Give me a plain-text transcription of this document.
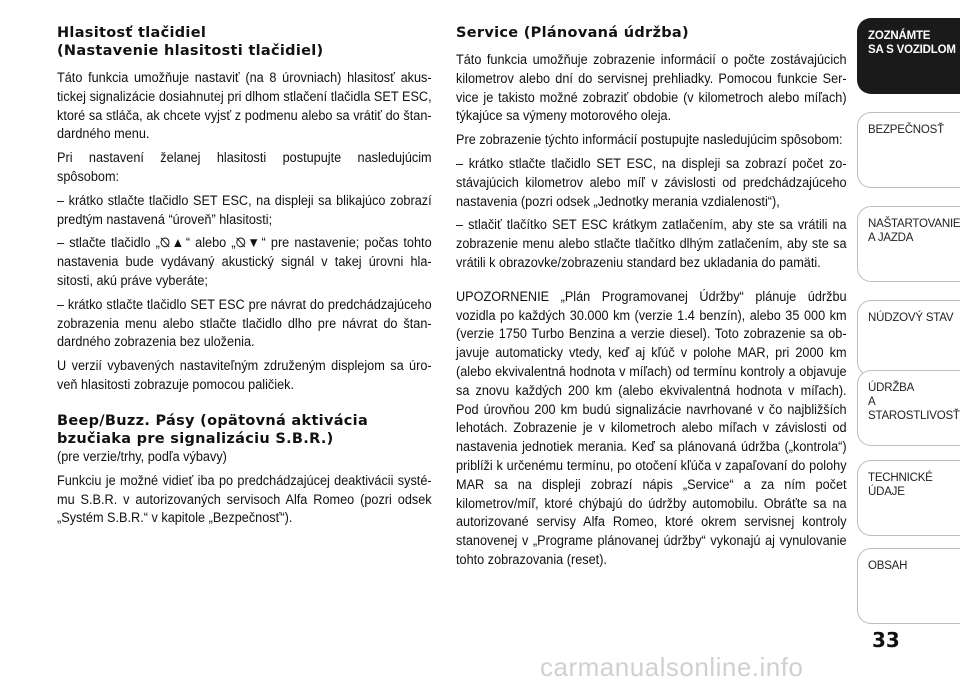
Hlasitosť tlačidiel
(Nastavenie hlasitosti tlačidiel)

Táto funkcia umožňuje nastaviť (na 8 úrovniach) hlasitosť akustickej signalizácie dosiahnutej pri dlhom stlačení tlačidla SET ESC, ktoré sa stláča, ak chcete vyjsť z podmenu alebo sa vrátiť do štandardného menu.

Pri nastavení želanej hlasitosti postupujte nasledujúcim spôsobom:

– krátko stlačte tlačidlo SET ESC, na displeji sa blikajúco zobrazí predtým nastavená “úroveň” hlasitosti;

– stlačte tlačidlo „⦰▲“ alebo „⦰▼“ pre nastavenie; počas tohto nastavenia bude vydávaný akustický signál v takej úrovni hlasitosti, akú práve vyberáte;

– krátko stlačte tlačidlo SET ESC pre návrat do predchádzajúceho zobrazenia menu alebo stlačte tlačidlo dlho pre návrat do štandardného zobrazenia bez uloženia.

U verzií vybavených nastaviteľným združeným displejom sa úroveň hlasitosti zobrazuje pomocou paličiek.

Beep/Buzz. Pásy (opätovná aktivácia
bzučiaka pre signalizáciu S.B.R.)

(pre verzie/trhy, podľa výbavy)

Funkciu je možné vidieť iba po predchádzajúcej deaktivácii systému S.B.R. v autorizovaných servisoch Alfa Romeo (pozri odsek „Systém S.B.R.“ v kapitole „Bezpečnosť“).

Service (Plánovaná údržba)

Táto funkcia umožňuje zobrazenie informácií o počte zostávajúcich kilometrov alebo dní do servisnej prehliadky. Pomocou funkcie Service je takisto možné zobraziť obdobie (v kilometroch alebo míľach) týkajúce sa výmeny motorového oleja.

Pre zobrazenie týchto informácií postupujte nasledujúcim spôsobom:

– krátko stlačte tlačidlo SET ESC, na displeji sa zobrazí počet zostávajúcich kilometrov alebo míľ v závislosti od predchádzajúceho nastavenia (pozri odsek „Jednotky merania vzdialenosti“),

– stlačiť tlačítko SET ESC krátkym zatlačením, aby ste sa vrátili na zobrazenie menu alebo stlačte tlačítko dlhým zatlačením, aby ste sa vrátili k obrazovke/zobrazeniu standard bez ukladania do pamäti.

UPOZORNENIE „Plán Programovanej Údržby“ plánuje údržbu vozidla po každých 30.000 km (verzie 1.4 benzín), alebo 35 000 km (verzie 1750 Turbo Benzina a verzie diesel). Toto zobrazenie sa objavuje automaticky vtedy, keď aj kľúč v polohe MAR, pri 2000 km (alebo ekvivalentná hodnota v míľach) od termínu kontroly a objavuje sa znovu každých 200 km (alebo ekvivalentná hodnota v míľach). Pod úrovňou 200 km budú signalizácie navrhované v čo najbližších lehotách. Zobrazenie je v kilometroch alebo míľach v závislosti od nastavenia jednotiek merania. Keď sa plánovaná údržba („kontrola“) priblíži k určenému termínu, po otočení kľúča v zapaľovaní do polohy MAR sa na displeji zobrazí nápis „Service“ a za ním počet kilometrov/míľ, ktoré chýbajú do údržby automobilu. Obráťte sa na autorizované servisy Alfa Romeo, ktoré okrem servisnej kontroly stanovenej v „Programe plánovanej údržby“ vykonajú aj vynulovanie tohto zobrazovania (reset).

ZOZNÁMTE
SA S VOZIDLOM
BEZPEČNOSŤ
NAŠTARTOVANIE
A JAZDA
NÚDZOVÝ STAV
ÚDRŽBA
A STAROSTLIVOSŤ
TECHNICKÉ
ÚDAJE
OBSAH
33
carmanualsonline.info
